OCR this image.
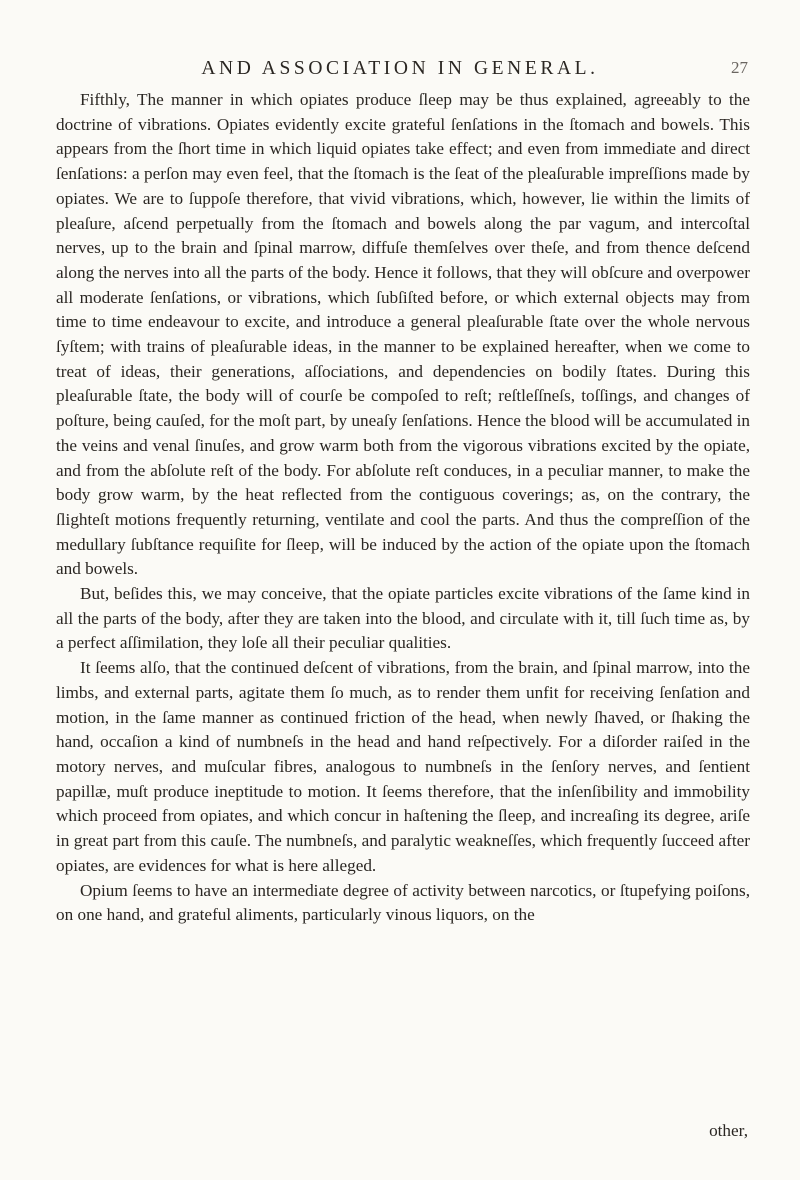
AND ASSOCIATION IN GENERAL.	27

Fifthly, The manner in which opiates produce ſleep may be thus explained, agreeably to the doctrine of vibrations. Opiates evidently excite grateful ſenſations in the ſtomach and bowels. This appears from the ſhort time in which liquid opiates take effect; and even from immediate and direct ſenſations: a perſon may even feel, that the ſtomach is the ſeat of the pleaſurable impreſſions made by opiates. We are to ſuppoſe therefore, that vivid vibrations, which, however, lie within the limits of pleaſure, aſcend perpetually from the ſtomach and bowels along the par vagum, and intercoſtal nerves, up to the brain and ſpinal marrow, diffuſe themſelves over theſe, and from thence deſcend along the nerves into all the parts of the body. Hence it follows, that they will obſcure and overpower all moderate ſenſations, or vibrations, which ſubſiſted before, or which external objects may from time to time endeavour to excite, and introduce a general pleaſurable ſtate over the whole nervous ſyſtem; with trains of pleaſurable ideas, in the manner to be explained hereafter, when we come to treat of ideas, their generations, aſſociations, and dependencies on bodily ſtates. During this pleaſurable ſtate, the body will of courſe be compoſed to reſt; reſtleſſneſs, toſſings, and changes of poſture, being cauſed, for the moſt part, by uneaſy ſenſations. Hence the blood will be accumulated in the veins and venal ſinuſes, and grow warm both from the vigorous vibrations excited by the opiate, and from the abſolute reſt of the body. For abſolute reſt conduces, in a peculiar manner, to make the body grow warm, by the heat reflected from the contiguous coverings; as, on the contrary, the ſlighteſt motions frequently returning, ventilate and cool the parts. And thus the compreſſion of the medullary ſubſtance requiſite for ſleep, will be induced by the action of the opiate upon the ſtomach and bowels.

But, beſides this, we may conceive, that the opiate particles excite vibrations of the ſame kind in all the parts of the body, after they are taken into the blood, and circulate with it, till ſuch time as, by a perfect aſſimilation, they loſe all their peculiar qualities.

It ſeems alſo, that the continued deſcent of vibrations, from the brain, and ſpinal marrow, into the limbs, and external parts, agitate them ſo much, as to render them unfit for receiving ſenſation and motion, in the ſame manner as continued friction of the head, when newly ſhaved, or ſhaking the hand, occaſion a kind of numbneſs in the head and hand reſpectively. For a diſorder raiſed in the motory nerves, and muſcular fibres, analogous to numbneſs in the ſenſory nerves, and ſentient papillæ, muſt produce ineptitude to motion. It ſeems therefore, that the inſenſibility and immobility which proceed from opiates, and which concur in haſtening the ſleep, and increaſing its degree, ariſe in great part from this cauſe. The numbneſs, and paralytic weakneſſes, which frequently ſucceed after opiates, are evidences for what is here alleged.

Opium ſeems to have an intermediate degree of activity between narcotics, or ſtupefying poiſons, on one hand, and grateful aliments, particularly vinous liquors, on the

other,
